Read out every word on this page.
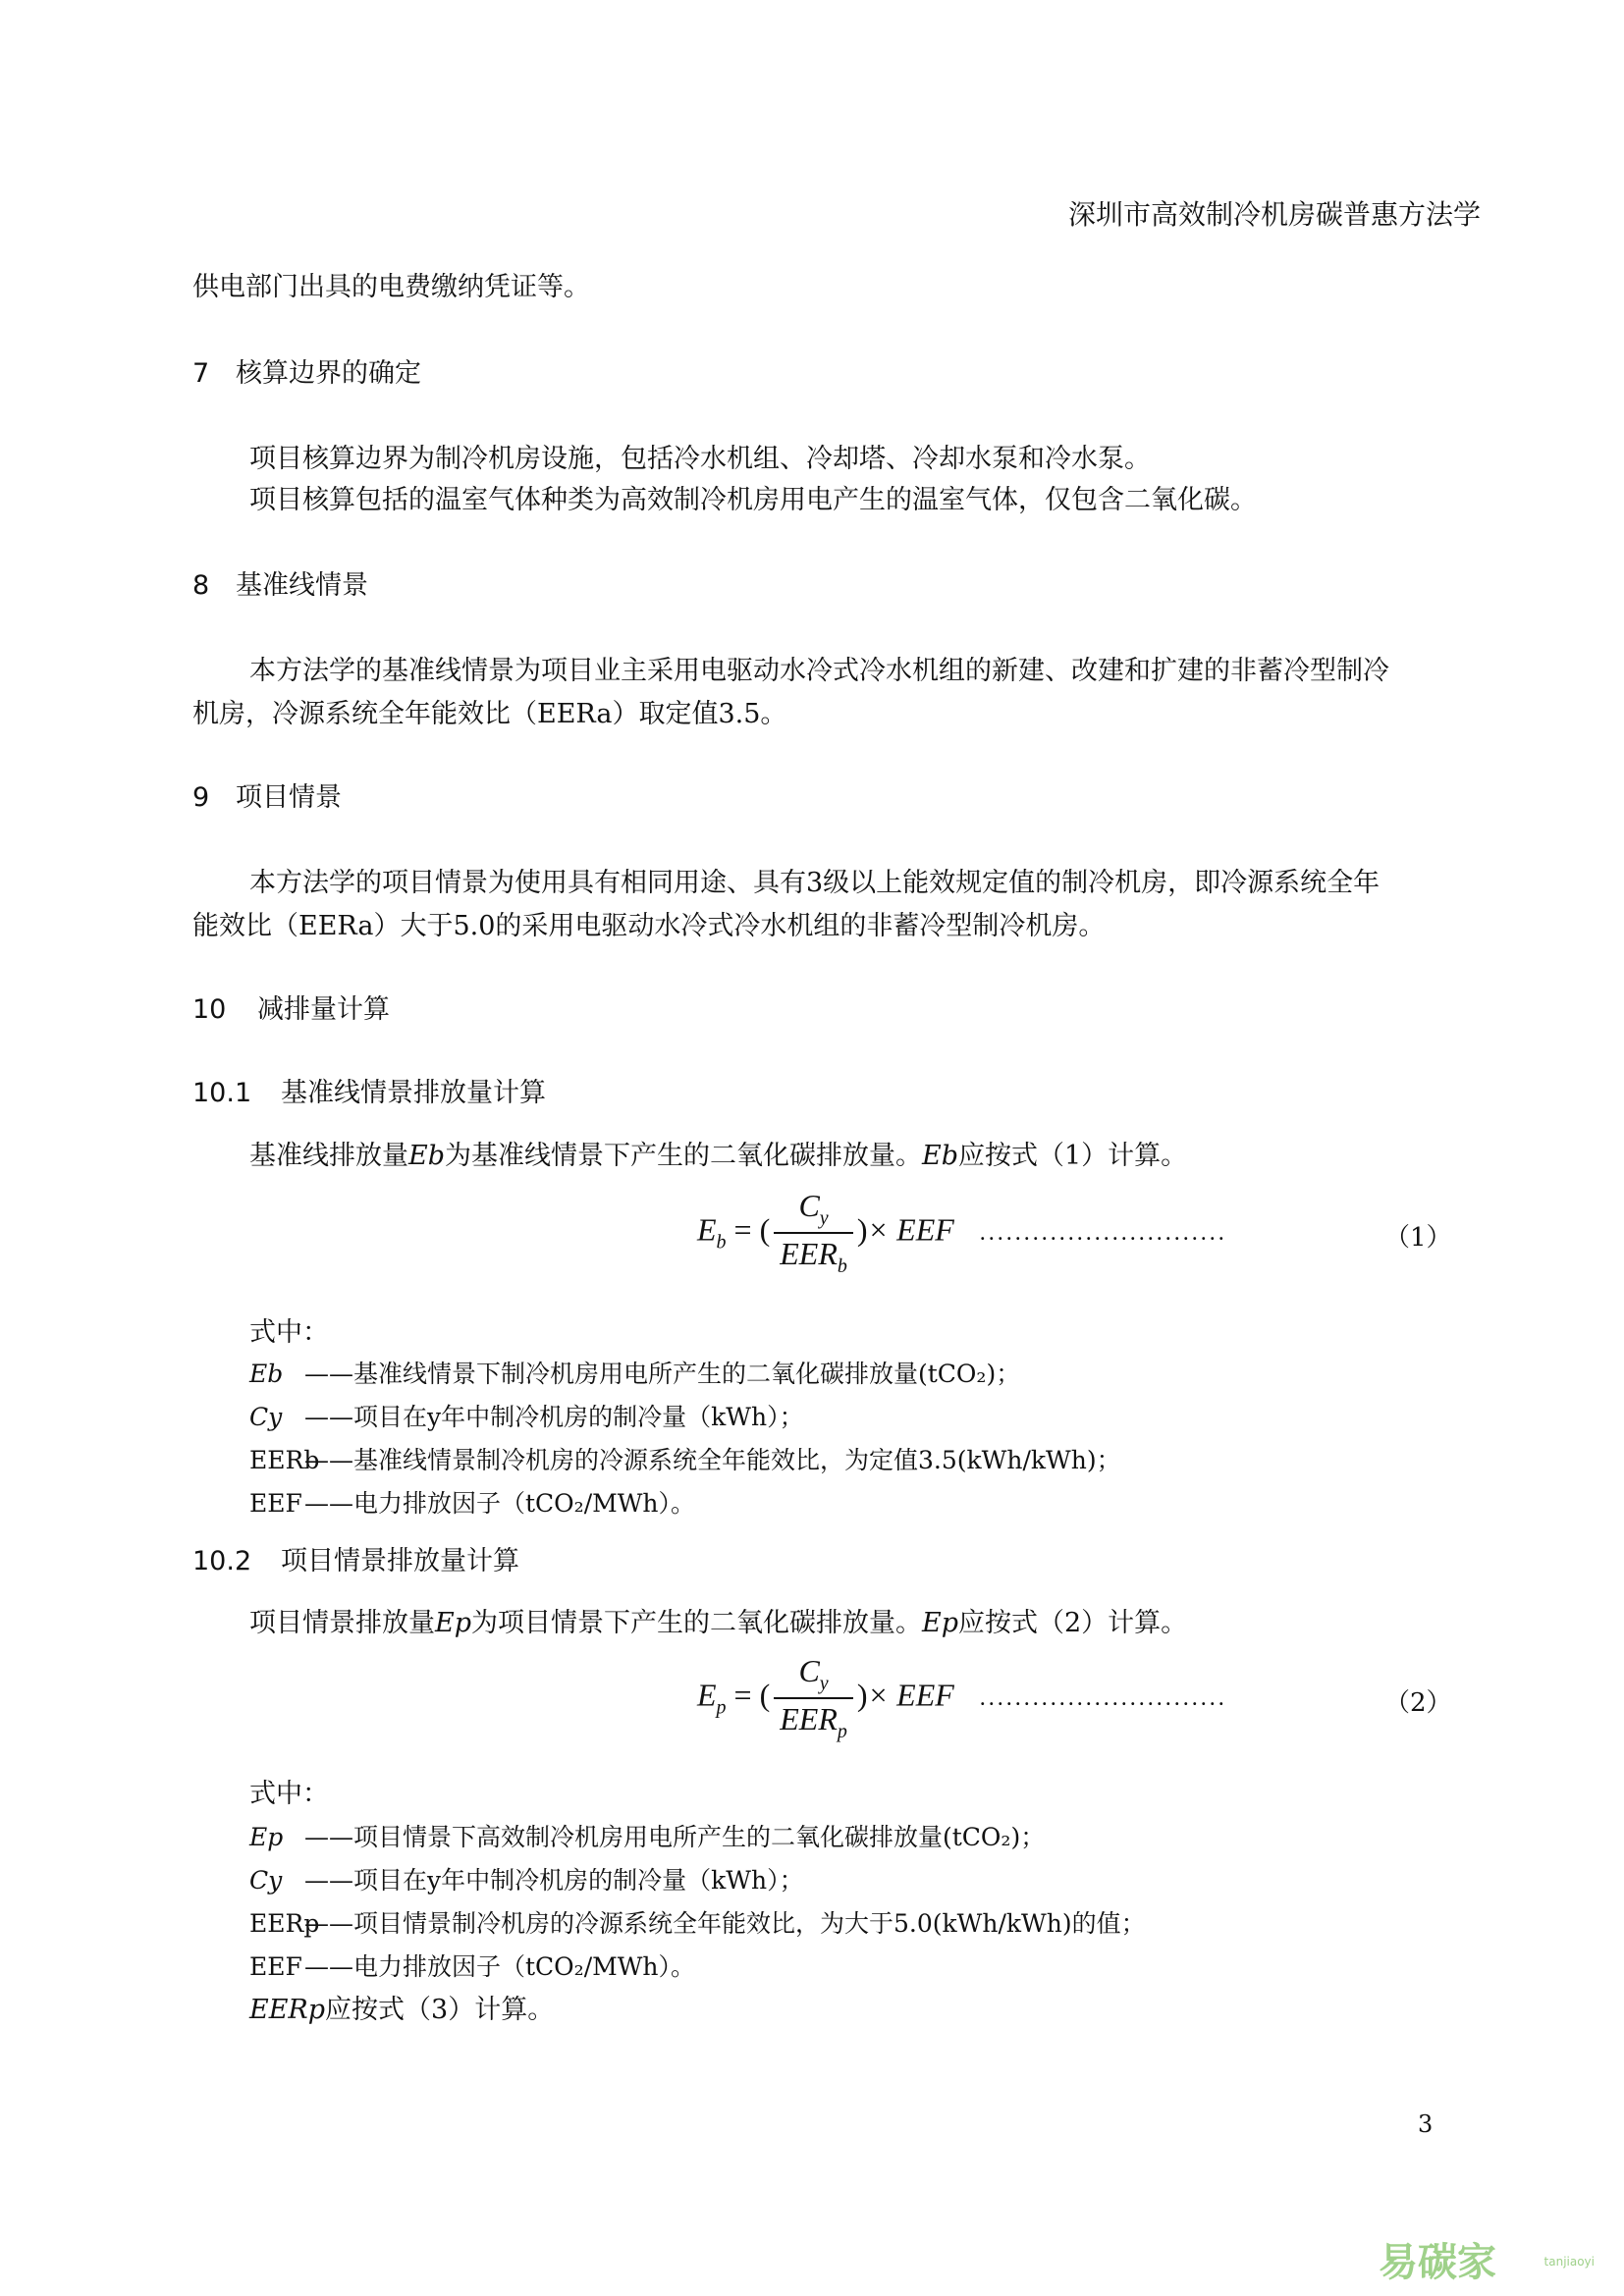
深圳市高效制冷机房碳普惠方法学
供电部门出具的电费缴纳凭证等。
7 核算边界的确定
项目核算边界为制冷机房设施，包括冷水机组、冷却塔、冷却水泵和冷水泵。
项目核算包括的温室气体种类为高效制冷机房用电产生的温室气体，仅包含二氧化碳。
8 基准线情景
本方法学的基准线情景为项目业主采用电驱动水冷式冷水机组的新建、改建和扩建的非蓄冷型制冷
机房，冷源系统全年能效比（EERa）取定值3.5。
9 项目情景
本方法学的项目情景为使用具有相同用途、具有3级以上能效规定值的制冷机房，即冷源系统全年
能效比（EERa）大于5.0的采用电驱动水冷式冷水机组的非蓄冷型制冷机房。
10 减排量计算
10.1 基准线情景排放量计算
基准线排放量Eb为基准线情景下产生的二氧化碳排放量。Eb应按式（1）计算。
$E_b$ = ( $\frac{C_y}{EER_b}$ )× EEF ............................	（1）
式中：
Eb ——基准线情景下制冷机房用电所产生的二氧化碳排放量(tCO₂)；
Cy ——项目在y年中制冷机房的制冷量（kWh）；
EERb——基准线情景制冷机房的冷源系统全年能效比，为定值3.5(kWh/kWh)；
EEF——电力排放因子（tCO₂/MWh）。
10.2 项目情景排放量计算
项目情景排放量Ep为项目情景下产生的二氧化碳排放量。Ep应按式（2）计算。
$E_p$ = ( $\frac{C_y}{EER_p}$ )× EEF ............................	（2）
式中：
Ep ——项目情景下高效制冷机房用电所产生的二氧化碳排放量(tCO₂)；
Cy ——项目在y年中制冷机房的制冷量（kWh）；
EERp——项目情景制冷机房的冷源系统全年能效比，为大于5.0(kWh/kWh)的值；
EEF——电力排放因子（tCO₂/MWh）。
EERp应按式（3）计算。
3
易碳家	tanjiaoyi
